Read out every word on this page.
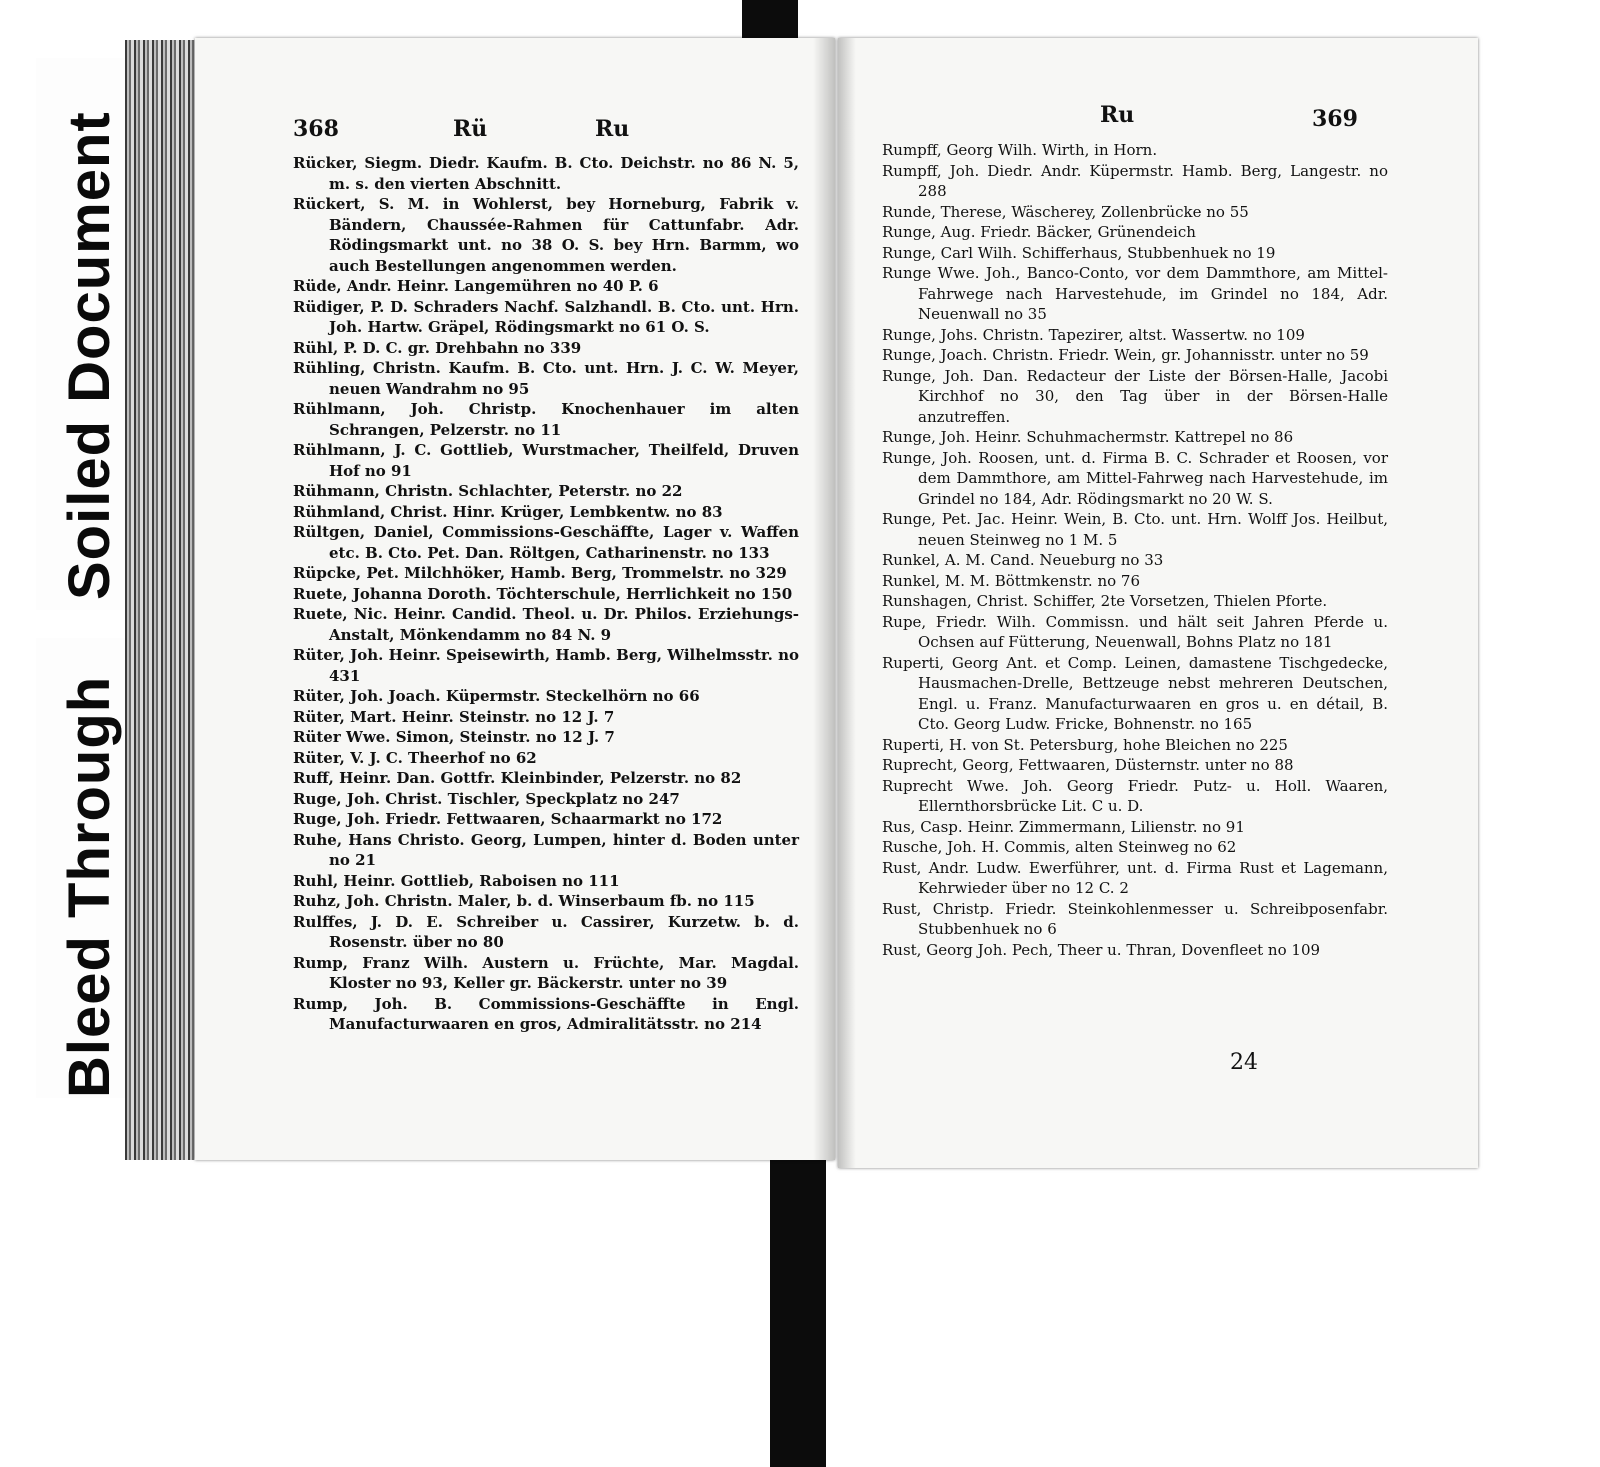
Soiled Document
Bleed Through
368	Rü	Ru
Rücker, Siegm. Diedr. Kaufm. B. Cto. Deichstr. no 86 N. 5, m. s. den vierten Abschnitt.
Rückert, S. M. in Wohlerst, bey Horneburg, Fabrik v. Bändern, Chaussée-Rahmen für Cattunfabr. Adr. Rödingsmarkt unt. no 38 O. S. bey Hrn. Barmm, wo auch Bestellungen angenommen werden.
Rüde, Andr. Heinr. Langemühren no 40 P. 6
Rüdiger, P. D. Schraders Nachf. Salzhandl. B. Cto. unt. Hrn. Joh. Hartw. Gräpel, Rödingsmarkt no 61 O. S.
Rühl, P. D. C. gr. Drehbahn no 339
Rühling, Christn. Kaufm. B. Cto. unt. Hrn. J. C. W. Meyer, neuen Wandrahm no 95
Rühlmann, Joh. Christp. Knochenhauer im alten Schrangen, Pelzerstr. no 11
Rühlmann, J. C. Gottlieb, Wurstmacher, Theilfeld, Druven Hof no 91
Rühmann, Christn. Schlachter, Peterstr. no 22
Rühmland, Christ. Hinr. Krüger, Lembkentw. no 83
Rültgen, Daniel, Commissions-Geschäffte, Lager v. Waffen etc. B. Cto. Pet. Dan. Röltgen, Catharinenstr. no 133
Rüpcke, Pet. Milchhöker, Hamb. Berg, Trommelstr. no 329
Ruete, Johanna Doroth. Töchterschule, Herrlichkeit no 150
Ruete, Nic. Heinr. Candid. Theol. u. Dr. Philos. Erziehungs-Anstalt, Mönkendamm no 84 N. 9
Rüter, Joh. Heinr. Speisewirth, Hamb. Berg, Wilhelmsstr. no 431
Rüter, Joh. Joach. Küpermstr. Steckelhörn no 66
Rüter, Mart. Heinr. Steinstr. no 12 J. 7
Rüter Wwe. Simon, Steinstr. no 12 J. 7
Rüter, V. J. C. Theerhof no 62
Ruff, Heinr. Dan. Gottfr. Kleinbinder, Pelzerstr. no 82
Ruge, Joh. Christ. Tischler, Speckplatz no 247
Ruge, Joh. Friedr. Fettwaaren, Schaarmarkt no 172
Ruhe, Hans Christo. Georg, Lumpen, hinter d. Boden unter no 21
Ruhl, Heinr. Gottlieb, Raboisen no 111
Ruhz, Joh. Christn. Maler, b. d. Winserbaum fb. no 115
Rulffes, J. D. E. Schreiber u. Cassirer, Kurzetw. b. d. Rosenstr. über no 80
Rump, Franz Wilh. Austern u. Früchte, Mar. Magdal. Kloster no 93, Keller gr. Bäckerstr. unter no 39
Rump, Joh. B. Commissions-Geschäffte in Engl. Manufacturwaaren en gros, Admiralitätsstr. no 214
Ru	369
Rumpff, Georg Wilh. Wirth, in Horn.
Rumpff, Joh. Diedr. Andr. Küpermstr. Hamb. Berg, Langestr. no 288
Runde, Therese, Wäscherey, Zollenbrücke no 55
Runge, Aug. Friedr. Bäcker, Grünendeich
Runge, Carl Wilh. Schifferhaus, Stubbenhuek no 19
Runge Wwe. Joh., Banco-Conto, vor dem Dammthore, am Mittel-Fahrwege nach Harvestehude, im Grindel no 184, Adr. Neuenwall no 35
Runge, Johs. Christn. Tapezirer, altst. Wassertw. no 109
Runge, Joach. Christn. Friedr. Wein, gr. Johannisstr. unter no 59
Runge, Joh. Dan. Redacteur der Liste der Börsen-Halle, Jacobi Kirchhof no 30, den Tag über in der Börsen-Halle anzutreffen.
Runge, Joh. Heinr. Schuhmachermstr. Kattrepel no 86
Runge, Joh. Roosen, unt. d. Firma B. C. Schrader et Roosen, vor dem Dammthore, am Mittel-Fahrweg nach Harvestehude, im Grindel no 184, Adr. Rödingsmarkt no 20 W. S.
Runge, Pet. Jac. Heinr. Wein, B. Cto. unt. Hrn. Wolff Jos. Heilbut, neuen Steinweg no 1 M. 5
Runkel, A. M. Cand. Neueburg no 33
Runkel, M. M. Böttmkenstr. no 76
Runshagen, Christ. Schiffer, 2te Vorsetzen, Thielen Pforte.
Rupe, Friedr. Wilh. Commissn. und hält seit Jahren Pferde u. Ochsen auf Fütterung, Neuenwall, Bohns Platz no 181
Ruperti, Georg Ant. et Comp. Leinen, damastene Tischgedecke, Hausmachen-Drelle, Bettzeuge nebst mehreren Deutschen, Engl. u. Franz. Manufacturwaaren en gros u. en détail, B. Cto. Georg Ludw. Fricke, Bohnenstr. no 165
Ruperti, H. von St. Petersburg, hohe Bleichen no 225
Ruprecht, Georg, Fettwaaren, Düsternstr. unter no 88
Ruprecht Wwe. Joh. Georg Friedr. Putz- u. Holl. Waaren, Ellernthorsbrücke Lit. C u. D.
Rus, Casp. Heinr. Zimmermann, Lilienstr. no 91
Rusche, Joh. H. Commis, alten Steinweg no 62
Rust, Andr. Ludw. Ewerführer, unt. d. Firma Rust et Lagemann, Kehrwieder über no 12 C. 2
Rust, Christp. Friedr. Steinkohlenmesser u. Schreibposenfabr. Stubbenhuek no 6
Rust, Georg Joh. Pech, Theer u. Thran, Dovenfleet no 109
24
